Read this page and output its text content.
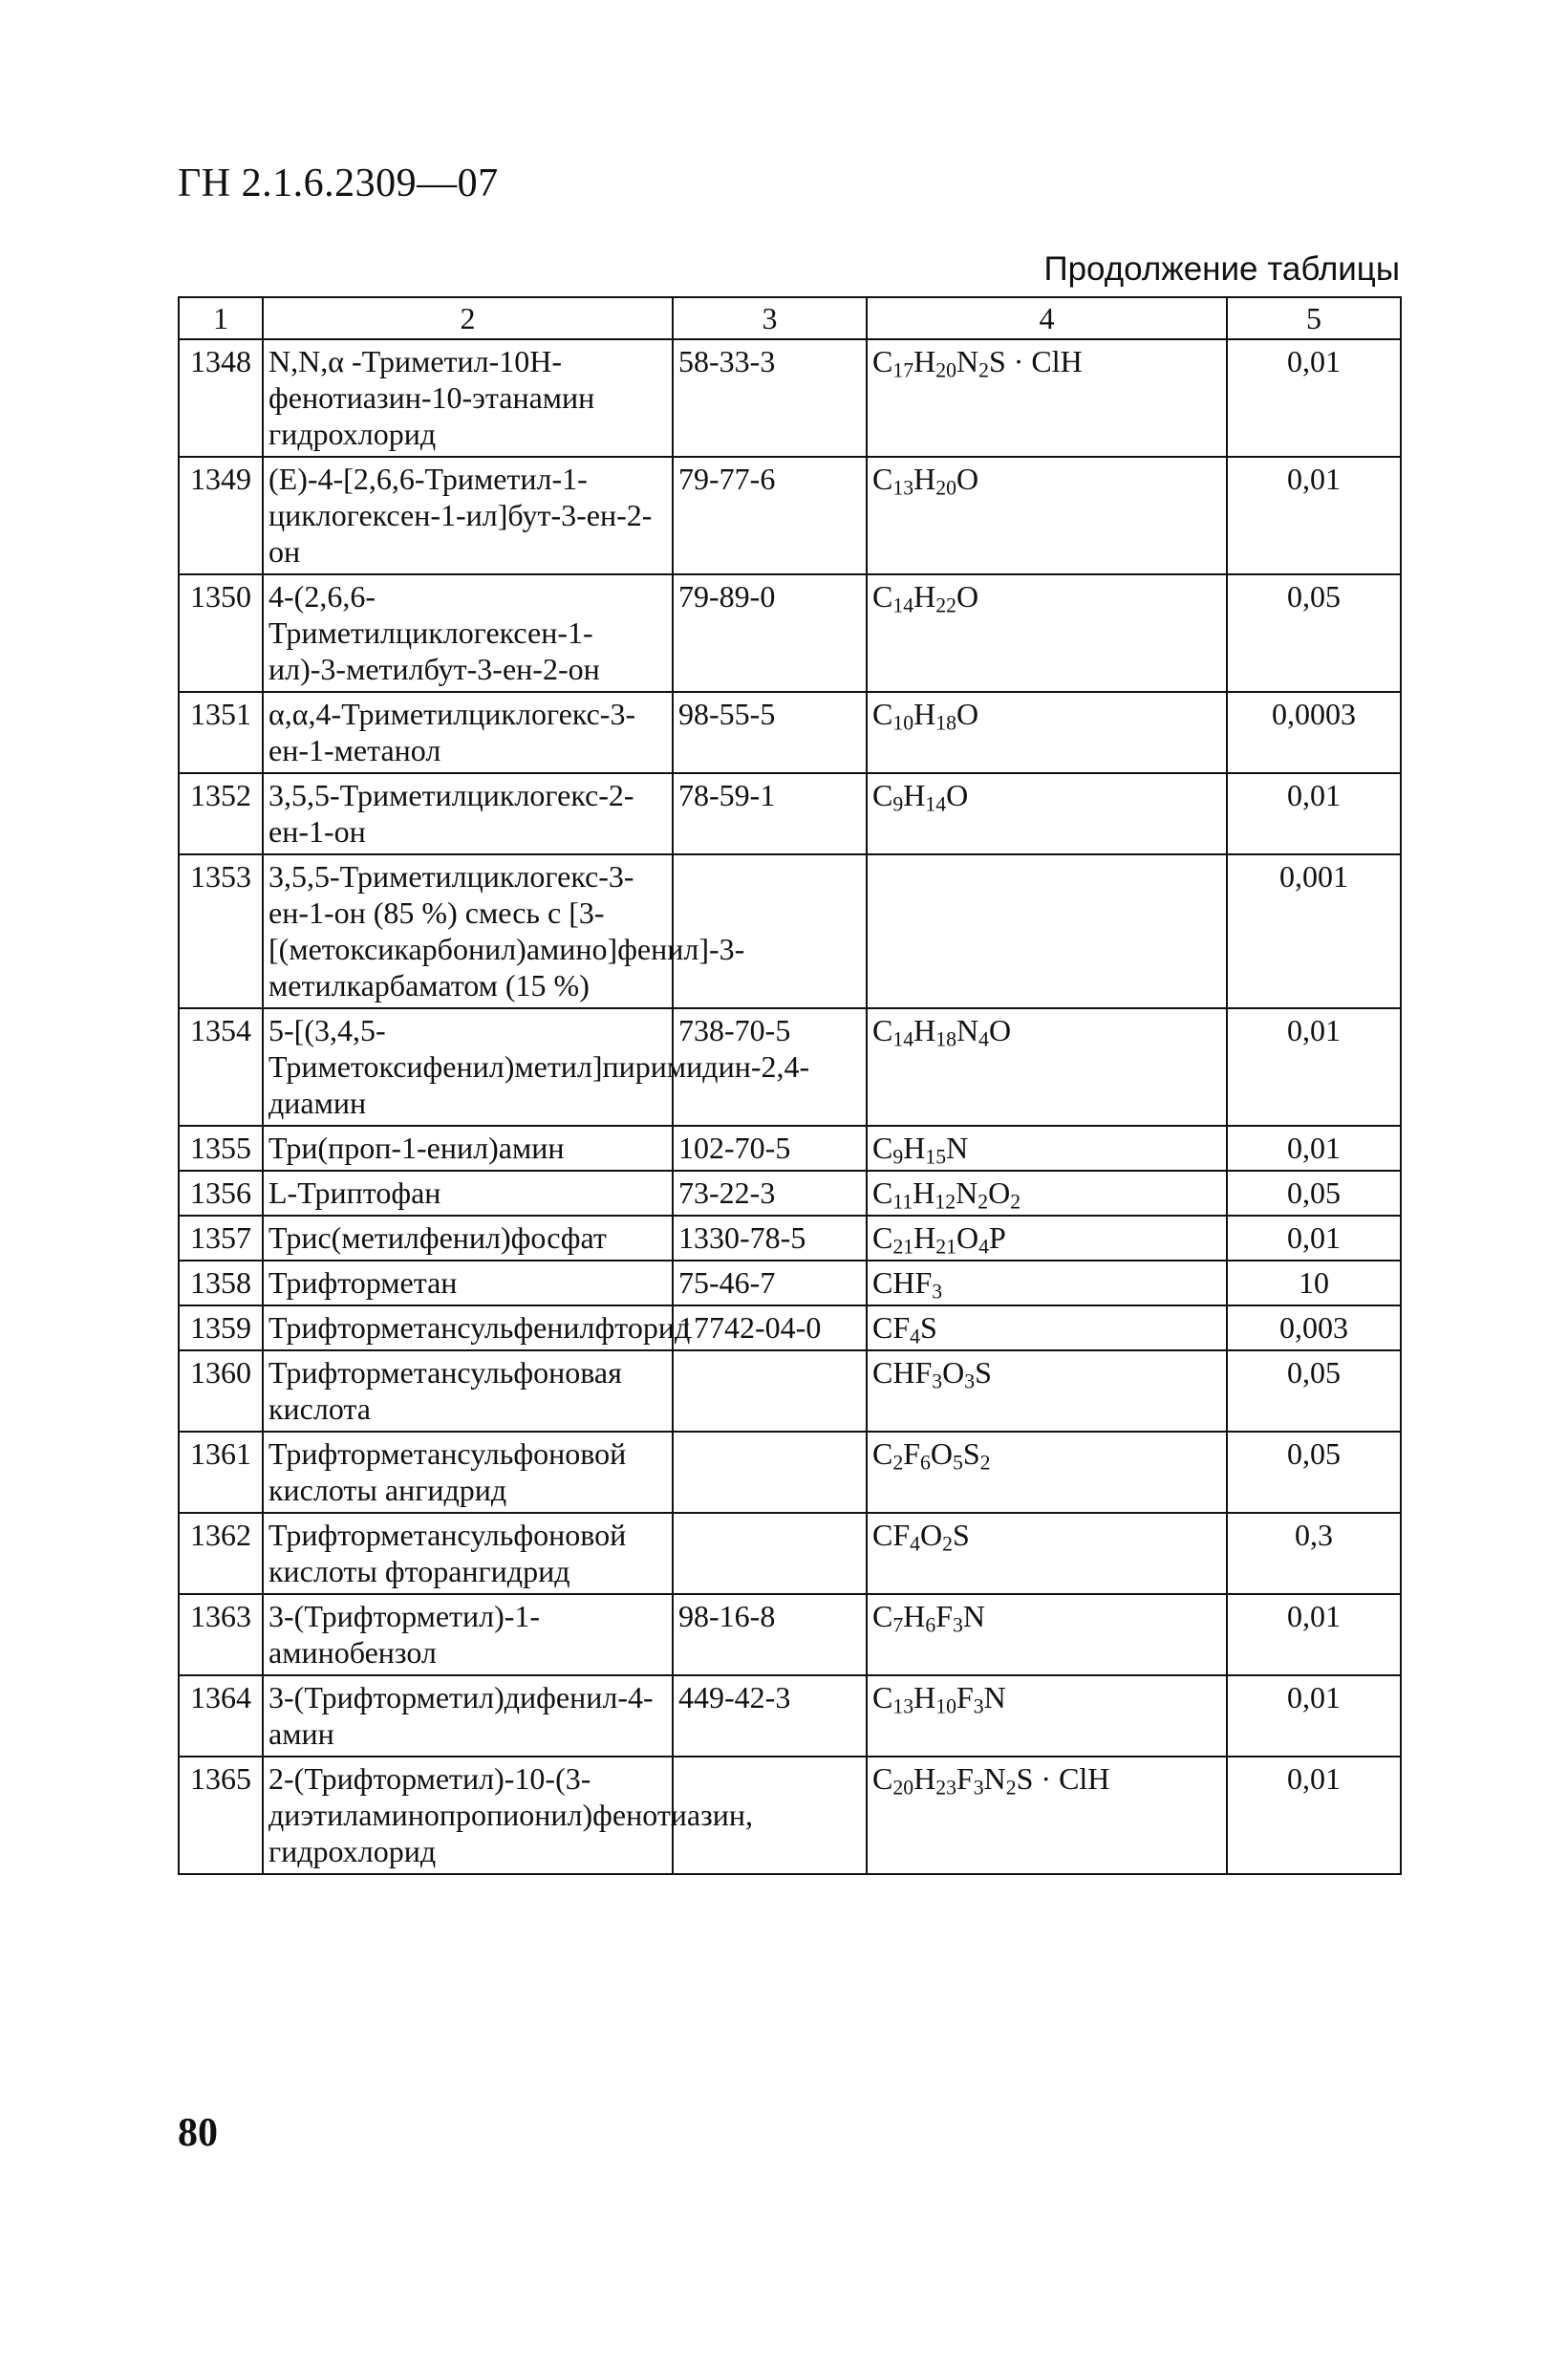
ГН 2.1.6.2309—07
Продолжение таблицы
1	2	3	4	5
1348	N,N,α -Триметил-10H-фенотиазин-10-этанамин гидрохлорид	58-33-3	$C_{17}H_{20}N_2S$ · ClH	0,01
1349	(E)-4-[2,6,6-Триметил-1-циклогексен-1-ил]бут-3-ен-2-он	79-77-6	$C_{13}H_{20}O$	0,01
1350	4-(2,6,6-Триметилциклогексен-1-ил)-3-метилбут-3-ен-2-он	79-89-0	$C_{14}H_{22}O$	0,05
1351	α,α,4-Триметилциклогекс-3-ен-1-метанол	98-55-5	$C_{10}H_{18}O$	0,0003
1352	3,5,5-Триметилциклогекс-2-ен-1-он	78-59-1	$C_9H_{14}O$	0,01
1353	3,5,5-Триметилциклогекс-3-ен-1-он (85 %) смесь с [3-[(метоксикарбонил)амино]фенил]-3-метилкарбаматом (15 %)			0,001
1354	5-[(3,4,5-Триметоксифенил)метил]пиримидин-2,4-диамин	738-70-5	$C_{14}H_{18}N_4O$	0,01
1355	Три(проп-1-енил)амин	102-70-5	$C_9H_{15}N$	0,01
1356	L-Триптофан	73-22-3	$C_{11}H_{12}N_2O_2$	0,05
1357	Трис(метилфенил)фосфат	1330-78-5	$C_{21}H_{21}O_4P$	0,01
1358	Трифторметан	75-46-7	$CHF_3$	10
1359	Трифторметансульфенилфторид	17742-04-0	$CF_4S$	0,003
1360	Трифторметансульфоновая кислота		$CHF_3O_3S$	0,05
1361	Трифторметансульфоновой кислоты ангидрид		$C_2F_6O_5S_2$	0,05
1362	Трифторметансульфоновой кислоты фторангидрид		$CF_4O_2S$	0,3
1363	3-(Трифторметил)-1-аминобензол	98-16-8	$C_7H_6F_3N$	0,01
1364	3-(Трифторметил)дифенил-4-амин	449-42-3	$C_{13}H_{10}F_3N$	0,01
1365	2-(Трифторметил)-10-(3-диэтиламинопропионил)фенотиазин, гидрохлорид		$C_{20}H_{23}F_3N_2S$ · ClH	0,01
80
